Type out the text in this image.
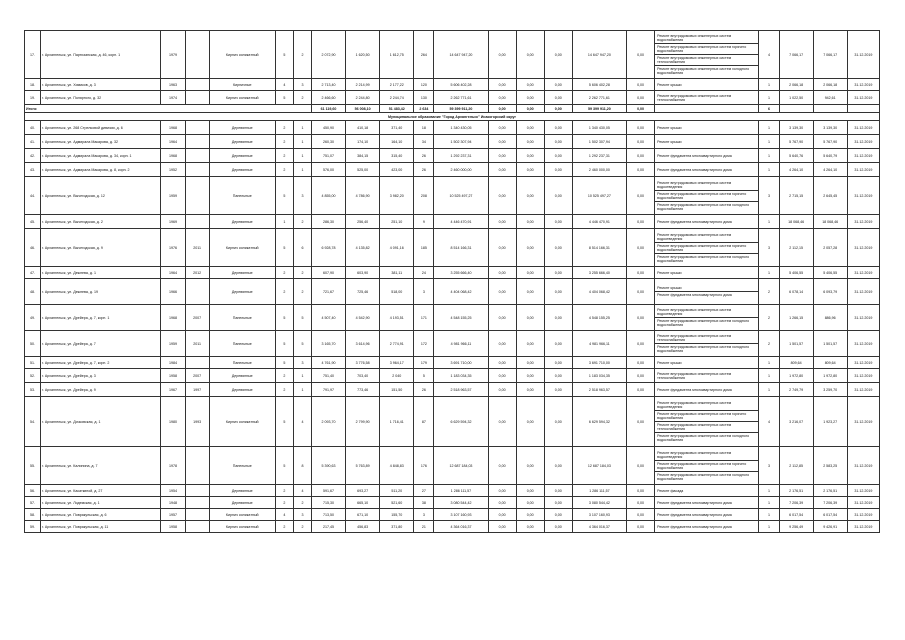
17.	г. Архангельск, ул. Партизанская, д. 46, корп. 1	1979		Кирпич силикатный	5	2	2 072,90	1 620,50	1 612,75	264	14 647 947,20	0,00	0,00	0,00	14 647 947,20	0,00	Ремонт внутридомовых инженерных систем водоснабжения
Ремонт внутридомовых инженерных систем горячего водоснабжения
Ремонт внутридомовых инженерных систем теплоснабжения
Ремонт внутридомовых инженерных систем холодного водоснабжения	4	7 066,17	7 066,17	31.12.2019
18.	г. Архангельск, ул. Химиков, д. 3	1963		Кирпичные	4	3	2 713,40	2 214,99	2 177,22	120	5 606 402,28	0,00	0,00	0,00	5 606 402,28	0,00	Ремонт крыши	1	2 066,18	2 066,18	31.12.2019
19.	г. Архангельск, ул. Полярного, д. 32	1974		Кирпич силикатный	5	2	2 466,60	2 244,80	2 244,74	130	2 262 771,61	0,00	0,00	0,00	2 262 771,61	0,00	Ремонт внутридомовых инженерных систем теплоснабжения	1	1 022,50	942,61	31.12.2019
Итого:							61 119,60	56 008,10	51 483,42	2 634	59 399 911,20	0,00	0,00	0,00	59 399 911,20	0,00		6			
Муниципальное образование "Город Архангельск" Исакогорский округ																					
40.	г. Архангельск, ул. 268 Стрелковой дивизии, д. 6	1968		Деревянные	2	1	450,90	410,18	371,40	18	1 340 430,05	0,00	0,00	0,00	1 340 430,05	0,00	Ремонт крыши	1	3 139,30	3 139,30	31.12.2019
41.	г. Архангельск, ул. Адмирала Макарова, д. 32	1964		Деревянные	2	1	260,30	174,10	164,10	34	1 502 307,94	0,00	0,00	0,00	1 502 307,94	0,00	Ремонт крыши	1	5 767,90	5 767,90	31.12.2019
42.	г. Архангельск, ул. Адмирала Макарова, д. 34, корп. 1	1968		Деревянные	2	1	751,07	384,15	315,40	26	1 292 237,31	0,00	0,00	0,00	1 292 237,31	0,00	Ремонт фундамента многоквартирного дома	1	5 640,76	5 640,79	31.12.2019
43.	г. Архангельск, ул. Адмирала Макарова, д. 8, корп. 2	1952		Деревянные	2	1	576,00	525,00	423,00	26	2 460 000,00	0,00	0,00	0,00	2 460 000,00	0,00	Ремонт фундамента многоквартирного дома	1	4 264,10	4 264,10	31.12.2019
44.	г. Архангельск, ул. Вычегодская, д. 12	1959		Панельные	5	3	4 855,00	4 786,90	3 982,20	208	10 525 497,27	0,00	0,00	0,00	10 525 497,27	0,00	Ремонт внутридомовых инженерных систем водоотведения
Ремонт внутридомовых инженерных систем горячего водоснабжения
Ремонт внутридомовых инженерных систем холодного водоснабжения	3	2 715,15	2 645,45	31.12.2019
45.	г. Архангельск, ул. Вычегодская, д. 2	1969		Деревянные	1	2	286,30	256,40	251,10	9	4 446 470,91	0,00	0,00	0,00	4 446 470,91	0,00	Ремонт фундамента многоквартирного дома	1	18 068,46	18 068,46	31.12.2019
46.	г. Архангельск, ул. Вычегодская, д. 9	1976	2011	Кирпич силикатный	5	6	6 928,78	4 135,82	4 091,16	185	8 514 166,31	0,00	0,00	0,00	8 514 166,31	0,00	Ремонт внутридомовых инженерных систем водоотведения
Ремонт внутридомовых инженерных систем горячего водоснабжения
Ремонт внутридомовых инженерных систем холодного водоснабжения	3	2 112,15	2 057,28	31.12.2019
47.	г. Архангельск, ул. Дежнева, д. 1	1964	2012	Деревянные	2	2	607,90	603,90	381,11	24	3 255 666,40	0,00	0,00	0,00	3 255 666,40	0,00	Ремонт крыши	1	5 406,55	5 406,55	31.12.2019
48.	г. Архангельск, ул. Дежнева, д. 19	1966		Деревянные	2	2	721,67	725,46	518,00	3	4 404 068,42	0,00	0,00	0,00	4 404 068,42	0,00	Ремонт крыши
Ремонт фундамента многоквартирного дома	2	6 078,14	6 093,79	31.12.2019
49.	г. Архангельск, ул. Дрейера, д. 7, корп. 1	1968	2007	Панельные	5	5	4 507,40	4 542,90	4 193,51	171	4 548 155,25	0,00	0,00	0,00	4 548 155,25	0,00	Ремонт внутридомовых инженерных систем водоотведения
Ремонт внутридомовых инженерных систем холодного водоснабжения	2	1 266,15	886,96	31.12.2019
50.	г. Архангельск, ул. Дрейера, д. 7	1959	2011	Панельные	5	5	3 165,70	3 614,96	2 774,91	172	4 981 966,11	0,00	0,00	0,00	4 981 966,11	0,00	Ремонт внутридомовых инженерных систем теплоснабжения
Ремонт внутридомовых инженерных систем холодного водоснабжения	2	1 501,57	1 501,57	31.12.2019
51.	г. Архангельск, ул. Дрейера, д. 7, корп. 2	1984		Панельные	5	3	4 761,90	3 776,58	3 964,17	179	3 691 710,00	0,00	0,00	0,00	3 691 710,00	0,00	Ремонт крыши	1	809,64	809,64	31.12.2019
52.	г. Архангельск, ул. Дрейера, д. 3	1958	2007	Деревянные	2	1	751,40	703,40	2 040	5	1 183 034,35	0,00	0,00	0,00	1 183 034,35	0,00	Ремонт внутридомовых инженерных систем теплоснабжения	1	1 972,80	1 972,80	31.12.2019
53.	г. Архангельск, ул. Дрейера, д. 9	1967	1997	Деревянные	2	1	791,97	773,46	151,50	26	2 518 963,57	0,00	0,00	0,00	2 518 963,57	0,00	Ремонт фундамента многоквартирного дома	1	2 749,79	3 259,70	31.12.2019
54.	г. Архангельск, ул. Дочковская, д. 1	1980	1993	Кирпич силикатный	5	4	2 093,70	2 799,90	1 716,41	87	6 629 594,32	0,00	0,00	0,00	6 629 594,32	0,00	Ремонт внутридомовых инженерных систем водоотведения
Ремонт внутридомовых инженерных систем горячего водоснабжения
Ремонт внутридомовых инженерных систем теплоснабжения
Ремонт внутридомовых инженерных систем холодного водоснабжения	4	3 216,07	1 923,27	31.12.2019
55.	г. Архангельск, ул. Калинина, д. 7	1978		Панельные	5	8	5 390,63	5 763,89	4 848,83	176	12 687 184,03	0,00	0,00	0,00	12 687 184,03	0,00	Ремонт внутридомовых инженерных систем водоотведения
Ремонт внутридомовых инженерных систем горячего водоснабжения
Ремонт внутридомовых инженерных систем холодного водоснабжения	3	2 112,85	2 583,25	31.12.2019
56.	г. Архангельск, ул. Касаткиной, д. 27	1954		Деревянные	2	4	591,67	693,27	511,20	27	1 286 111,57	0,00	0,00	0,00	1 286 111,57	0,00	Ремонт фасада	1	2 176,51	2 176,51	31.12.2019
57.	г. Архангельск, ул. Лодемская, д. 1	1948		Деревянные	2	2	715,30	665,10	521,60	38	3 080 544,42	0,00	0,00	0,00	3 080 544,42	0,00	Ремонт фундамента многоквартирного дома	1	7 206,39	7 206,39	31.12.2019
58.	г. Архангельск, ул. Повракульская, д. 6	1957		Кирпич силикатный	4	3	713,50	671,10	155,70	3	3 107 160,93	0,00	0,00	0,00	3 107 160,93	0,00	Ремонт фундамента многоквартирного дома	1	6 017,54	6 017,54	31.12.2019
59.	г. Архангельск, ул. Повракульская, д. 11	1958		Кирпич силикатный	2	2	217,45	456,83	371,80	21	4 364 016,37	0,00	0,00	0,00	4 364 016,37	0,00	Ремонт фундамента многоквартирного дома	1	9 256,49	9 426,91	31.12.2019
